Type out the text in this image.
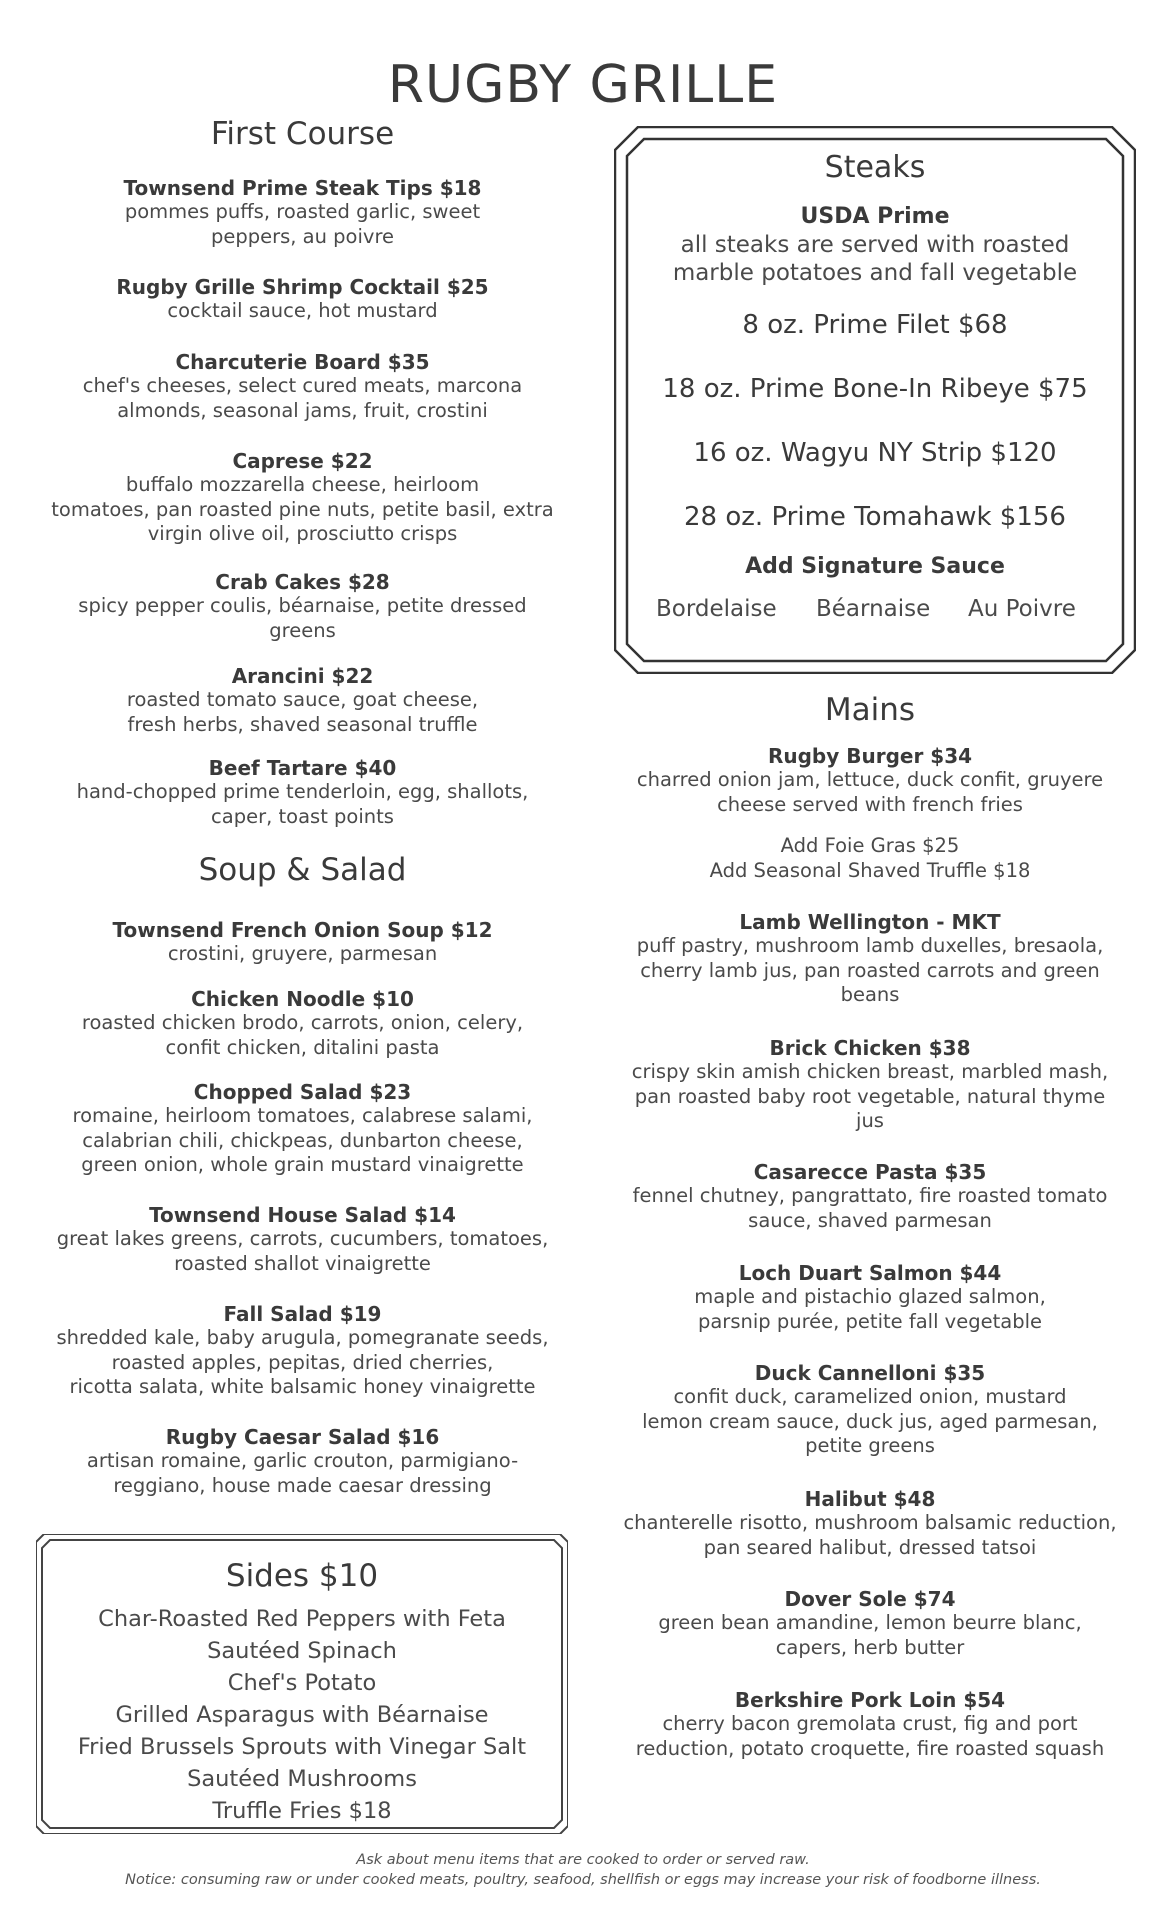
RUGBY GRILLE
First Course
Townsend Prime Steak Tips $18
pommes puffs, roasted garlic, sweet
peppers, au poivre
Rugby Grille Shrimp Cocktail $25
cocktail sauce, hot mustard
Charcuterie Board $35
chef's cheeses, select cured meats, marcona
almonds, seasonal jams, fruit, crostini
Caprese $22
buffalo mozzarella cheese, heirloom
tomatoes, pan roasted pine nuts, petite basil, extra
virgin olive oil, prosciutto crisps
Crab Cakes $28
spicy pepper coulis, béarnaise, petite dressed
greens
Arancini $22
roasted tomato sauce, goat cheese,
fresh herbs, shaved seasonal truffle
Beef Tartare $40
hand-chopped prime tenderloin, egg, shallots,
caper, toast points
Soup & Salad
Townsend French Onion Soup $12
crostini, gruyere, parmesan
Chicken Noodle $10
roasted chicken brodo, carrots, onion, celery,
confit chicken, ditalini pasta
Chopped Salad $23
romaine, heirloom tomatoes, calabrese salami,
calabrian chili, chickpeas, dunbarton cheese,
green onion, whole grain mustard vinaigrette
Townsend House Salad $14
great lakes greens, carrots, cucumbers, tomatoes,
roasted shallot vinaigrette
Fall Salad $19
shredded kale, baby arugula, pomegranate seeds,
roasted apples, pepitas, dried cherries,
ricotta salata, white balsamic honey vinaigrette
Rugby Caesar Salad $16
artisan romaine, garlic crouton, parmigiano-
reggiano, house made caesar dressing
Sides $10
Char-Roasted Red Peppers with Feta
Sautéed Spinach
Chef's Potato
Grilled Asparagus with Béarnaise
Fried Brussels Sprouts with Vinegar Salt
Sautéed Mushrooms
Truffle Fries $18
Steaks
USDA Prime
all steaks are served with roasted
marble potatoes and fall vegetable
8 oz. Prime Filet $68
18 oz. Prime Bone-In Ribeye $75
16 oz. Wagyu NY Strip $120
28 oz. Prime Tomahawk $156
Add Signature Sauce
Bordelaise Béarnaise Au Poivre
Mains
Rugby Burger $34
charred onion jam, lettuce, duck confit, gruyere
cheese served with french fries
Add Foie Gras $25
Add Seasonal Shaved Truffle $18
Lamb Wellington - MKT
puff pastry, mushroom lamb duxelles, bresaola,
cherry lamb jus, pan roasted carrots and green
beans
Brick Chicken $38
crispy skin amish chicken breast, marbled mash,
pan roasted baby root vegetable, natural thyme
jus
Casarecce Pasta $35
fennel chutney, pangrattato, fire roasted tomato
sauce, shaved parmesan
Loch Duart Salmon $44
maple and pistachio glazed salmon,
parsnip purée, petite fall vegetable
Duck Cannelloni $35
confit duck, caramelized onion, mustard
lemon cream sauce, duck jus, aged parmesan,
petite greens
Halibut $48
chanterelle risotto, mushroom balsamic reduction,
pan seared halibut, dressed tatsoi
Dover Sole $74
green bean amandine, lemon beurre blanc,
capers, herb butter
Berkshire Pork Loin $54
cherry bacon gremolata crust, fig and port
reduction, potato croquette, fire roasted squash
Ask about menu items that are cooked to order or served raw.
Notice: consuming raw or under cooked meats, poultry, seafood, shellfish or eggs may increase your risk of foodborne illness.
